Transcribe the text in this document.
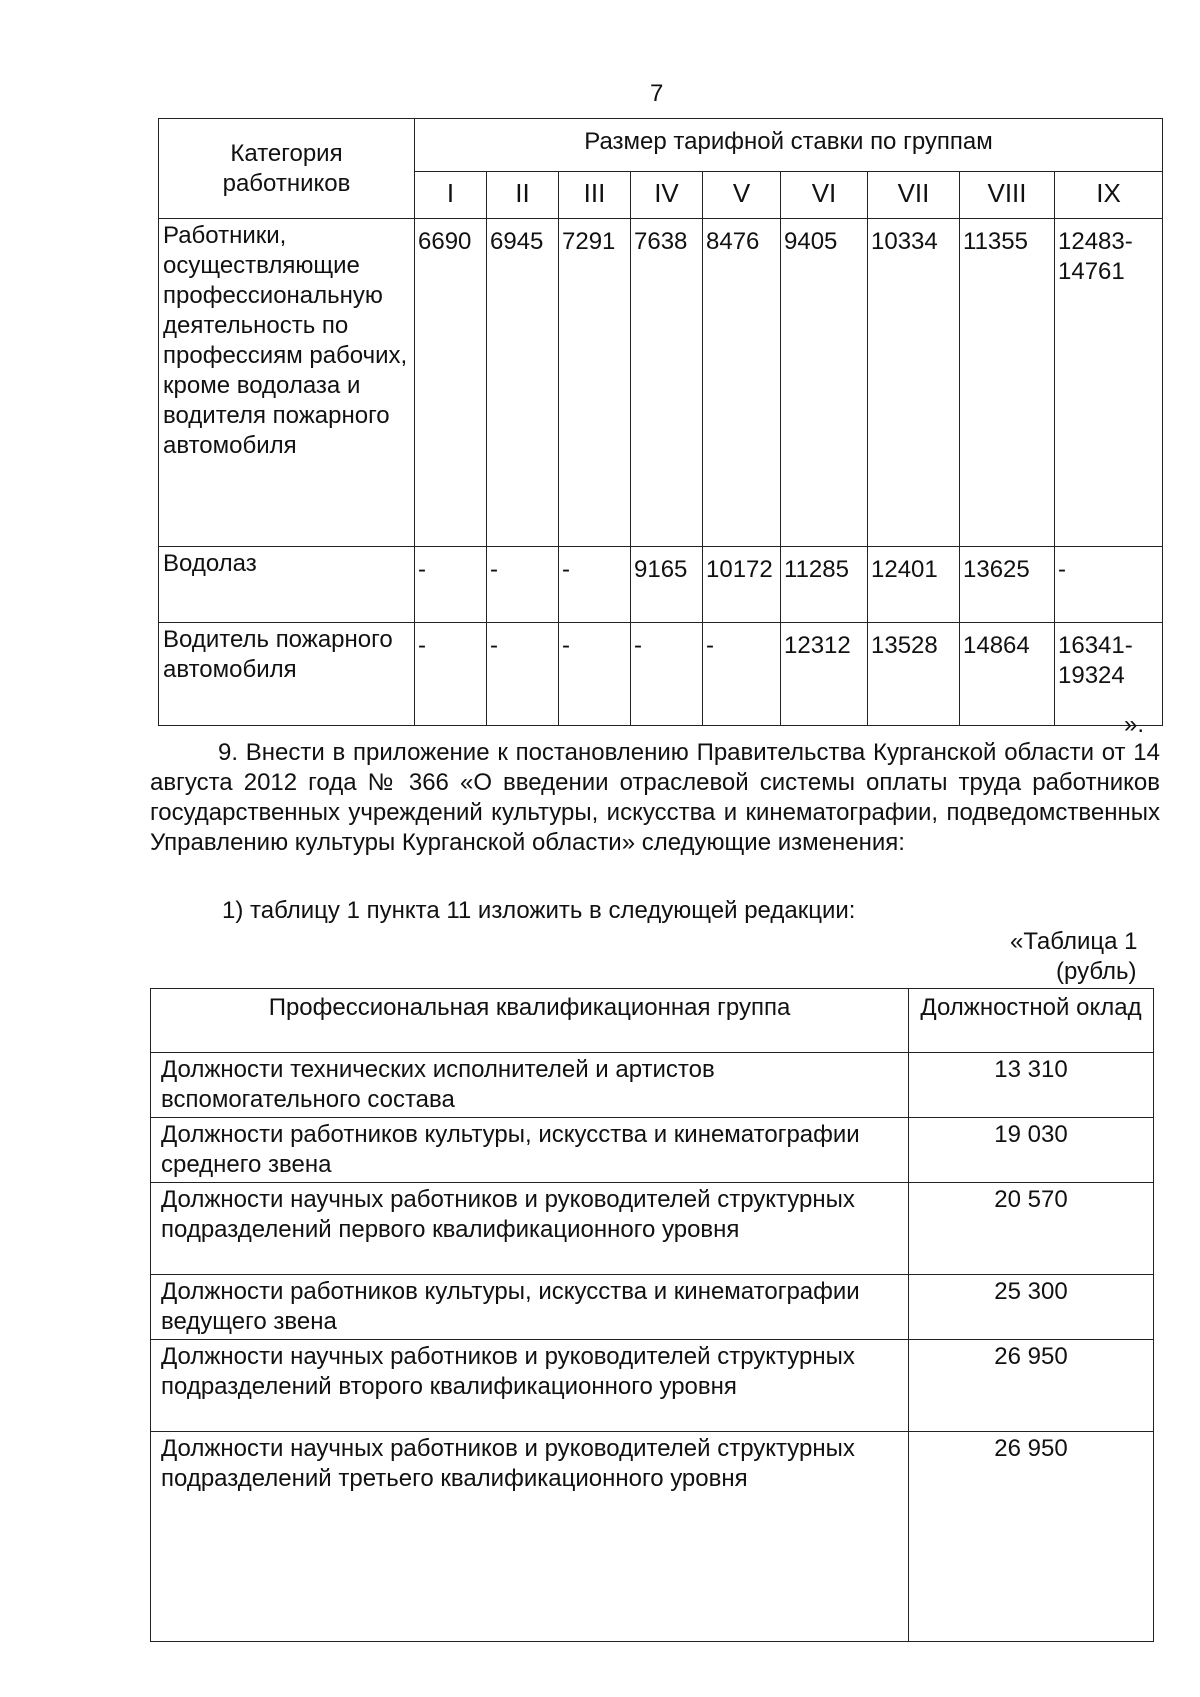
7
Категория работников	Размер тарифной ставки по группам								
	I	II	III	IV	V	VI	VII	VIII	IX
Работники, осуществляющие профессиональную деятельность по профессиям рабочих, кроме водолаза и водителя пожарного автомобиля	6690	6945	7291	7638	8476	9405	10334	11355	12483-14761
Водолаз	-	-	-	9165	10172	11285	12401	13625	-
Водитель пожарного автомобиля	-	-	-	-	-	12312	13528	14864	16341-19324
».

9. Внести в приложение к постановлению Правительства Курганской области от 14 августа 2012 года № 366 «О введении отраслевой системы оплаты труда работников государственных учреждений культуры, искусства и кинематографии, подведомственных Управлению культуры Курганской области» следующие изменения:

1) таблицу 1 пункта 11 изложить в следующей редакции:
«Таблица 1
(рубль)
Профессиональная квалификационная группа	Должностной оклад
Должности технических исполнителей и артистов вспомогательного состава	13 310
Должности работников культуры, искусства и кинематографии среднего звена	19 030
Должности научных работников и руководителей структурных подразделений первого квалификационного уровня	20 570
Должности работников культуры, искусства и кинематографии ведущего звена	25 300
Должности научных работников и руководителей структурных подразделений второго квалификационного уровня	26 950
Должности научных работников и руководителей структурных подразделений третьего квалификационного уровня	26 950
